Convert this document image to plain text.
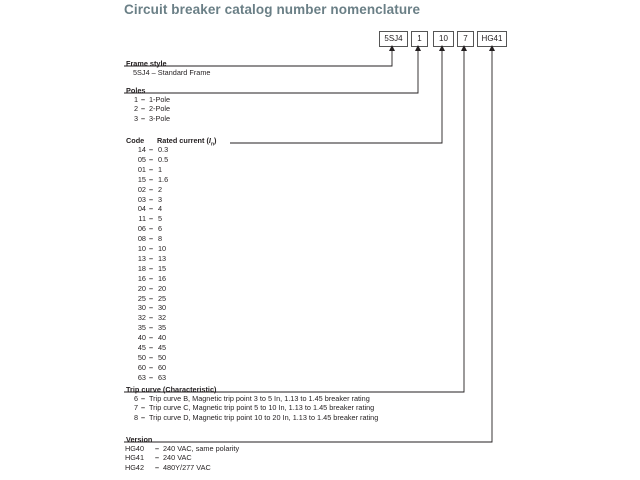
Circuit breaker catalog number nomenclature
5SJ4	1	10	7	HG41
Frame style
5SJ4 – Standard Frame
Poles
1 – 1-Pole
2 – 2-Pole
3 – 3-Pole
Code Rated current $(I_n)$
14 – 0.3
05 – 0.5
01 – 1
15 – 1.6
02 – 2
03 – 3
04 – 4
11 – 5
06 – 6
08 – 8
10 – 10
13 – 13
18 – 15
16 – 16
20 – 20
25 – 25
30 – 30
32 – 32
35 – 35
40 – 40
45 – 45
50 – 50
60 – 60
63 – 63
Trip curve (Characteristic)
6 – Trip curve B, Magnetic trip point 3 to 5 In, 1.13 to 1.45 breaker rating
7 – Trip curve C, Magnetic trip point 5 to 10 In, 1.13 to 1.45 breaker rating
8 – Trip curve D, Magnetic trip point 10 to 20 In, 1.13 to 1.45 breaker rating
Version
HG40 – 240 VAC, same polarity
HG41 – 240 VAC
HG42 – 480Y/277 VAC
